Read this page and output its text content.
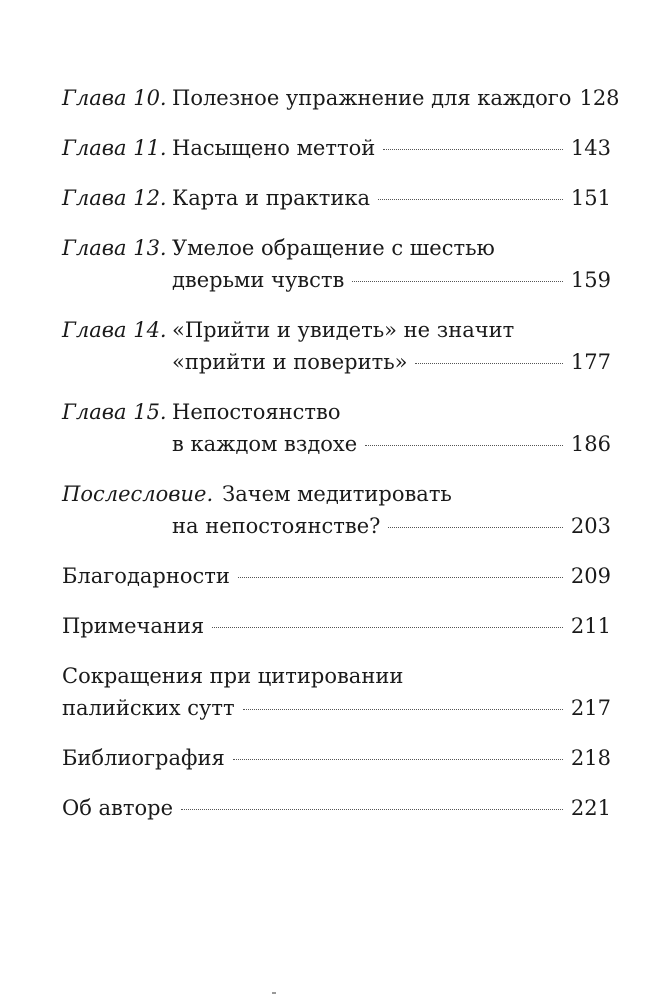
Глава 10. Полезное упражнение для каждого 128
Глава 11. Насыщено меттой	143
Глава 12. Карта и практика	151
Глава 13. Умелое обращение с шестью
дверьми чувств	159
Глава 14. «Прийти и увидеть» не значит
«прийти и поверить»	177
Глава 15. Непостоянство
в каждом вздохе	186
Послесловие. Зачем медитировать
на непостоянстве?	203
Благодарности	209
Примечания	211
Сокращения при цитировании
палийских сутт	217
Библиография	218
Об авторе	221
